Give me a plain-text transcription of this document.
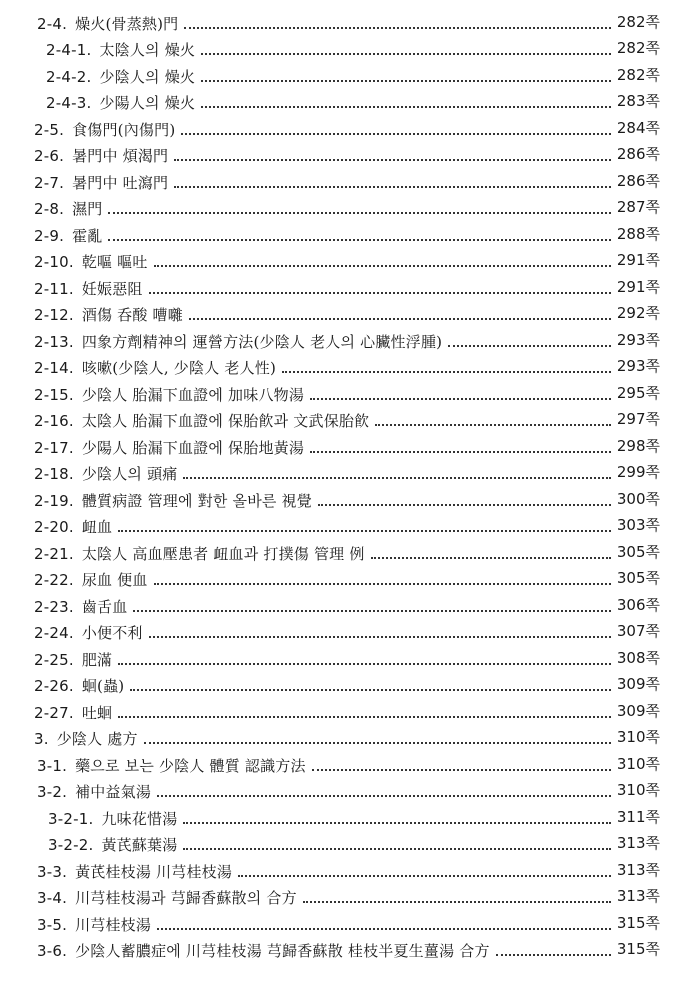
2-4. 燥火(骨蒸熱)門	282쪽
2-4-1. 太陰人의 燥火	282쪽
2-4-2. 少陰人의 燥火	282쪽
2-4-3. 少陽人의 燥火	283쪽
2-5. 食傷門(內傷門)	284쪽
2-6. 暑門中 煩渴門	286쪽
2-7. 暑門中 吐瀉門	286쪽
2-8. 濕門	287쪽
2-9. 霍亂	288쪽
2-10. 乾嘔 嘔吐	291쪽
2-11. 妊娠惡阻	291쪽
2-12. 酒傷 呑酸 嘈囃	292쪽
2-13. 四象方劑精神의 運營方法(少陰人 老人의 心臟性浮腫)	293쪽
2-14. 咳嗽(少陰人, 少陰人 老人性)	293쪽
2-15. 少陰人 胎漏下血證에 加味八物湯	295쪽
2-16. 太陰人 胎漏下血證에 保胎飮과 文武保胎飮	297쪽
2-17. 少陽人 胎漏下血證에 保胎地黃湯	298쪽
2-18. 少陰人의 頭痛	299쪽
2-19. 體質病證 管理에 對한 올바른 視覺	300쪽
2-20. 衄血	303쪽
2-21. 太陰人 高血壓患者 衄血과 打撲傷 管理 例	305쪽
2-22. 尿血 便血	305쪽
2-23. 齒舌血	306쪽
2-24. 小便不利	307쪽
2-25. 肥滿	308쪽
2-26. 蛔(蟲)	309쪽
2-27. 吐蛔	309쪽
3. 少陰人 處方	310쪽
3-1. 藥으로 보는 少陰人 體質 認識方法	310쪽
3-2. 補中益氣湯	310쪽
3-2-1. 九味花惜湯	311쪽
3-2-2. 黃芪蘇葉湯	313쪽
3-3. 黃芪桂枝湯 川芎桂枝湯	313쪽
3-4. 川芎桂枝湯과 芎歸香蘇散의 合方	313쪽
3-5. 川芎桂枝湯	315쪽
3-6. 少陰人蓄膿症에 川芎桂枝湯 芎歸香蘇散 桂枝半夏生薑湯 合方	315쪽
